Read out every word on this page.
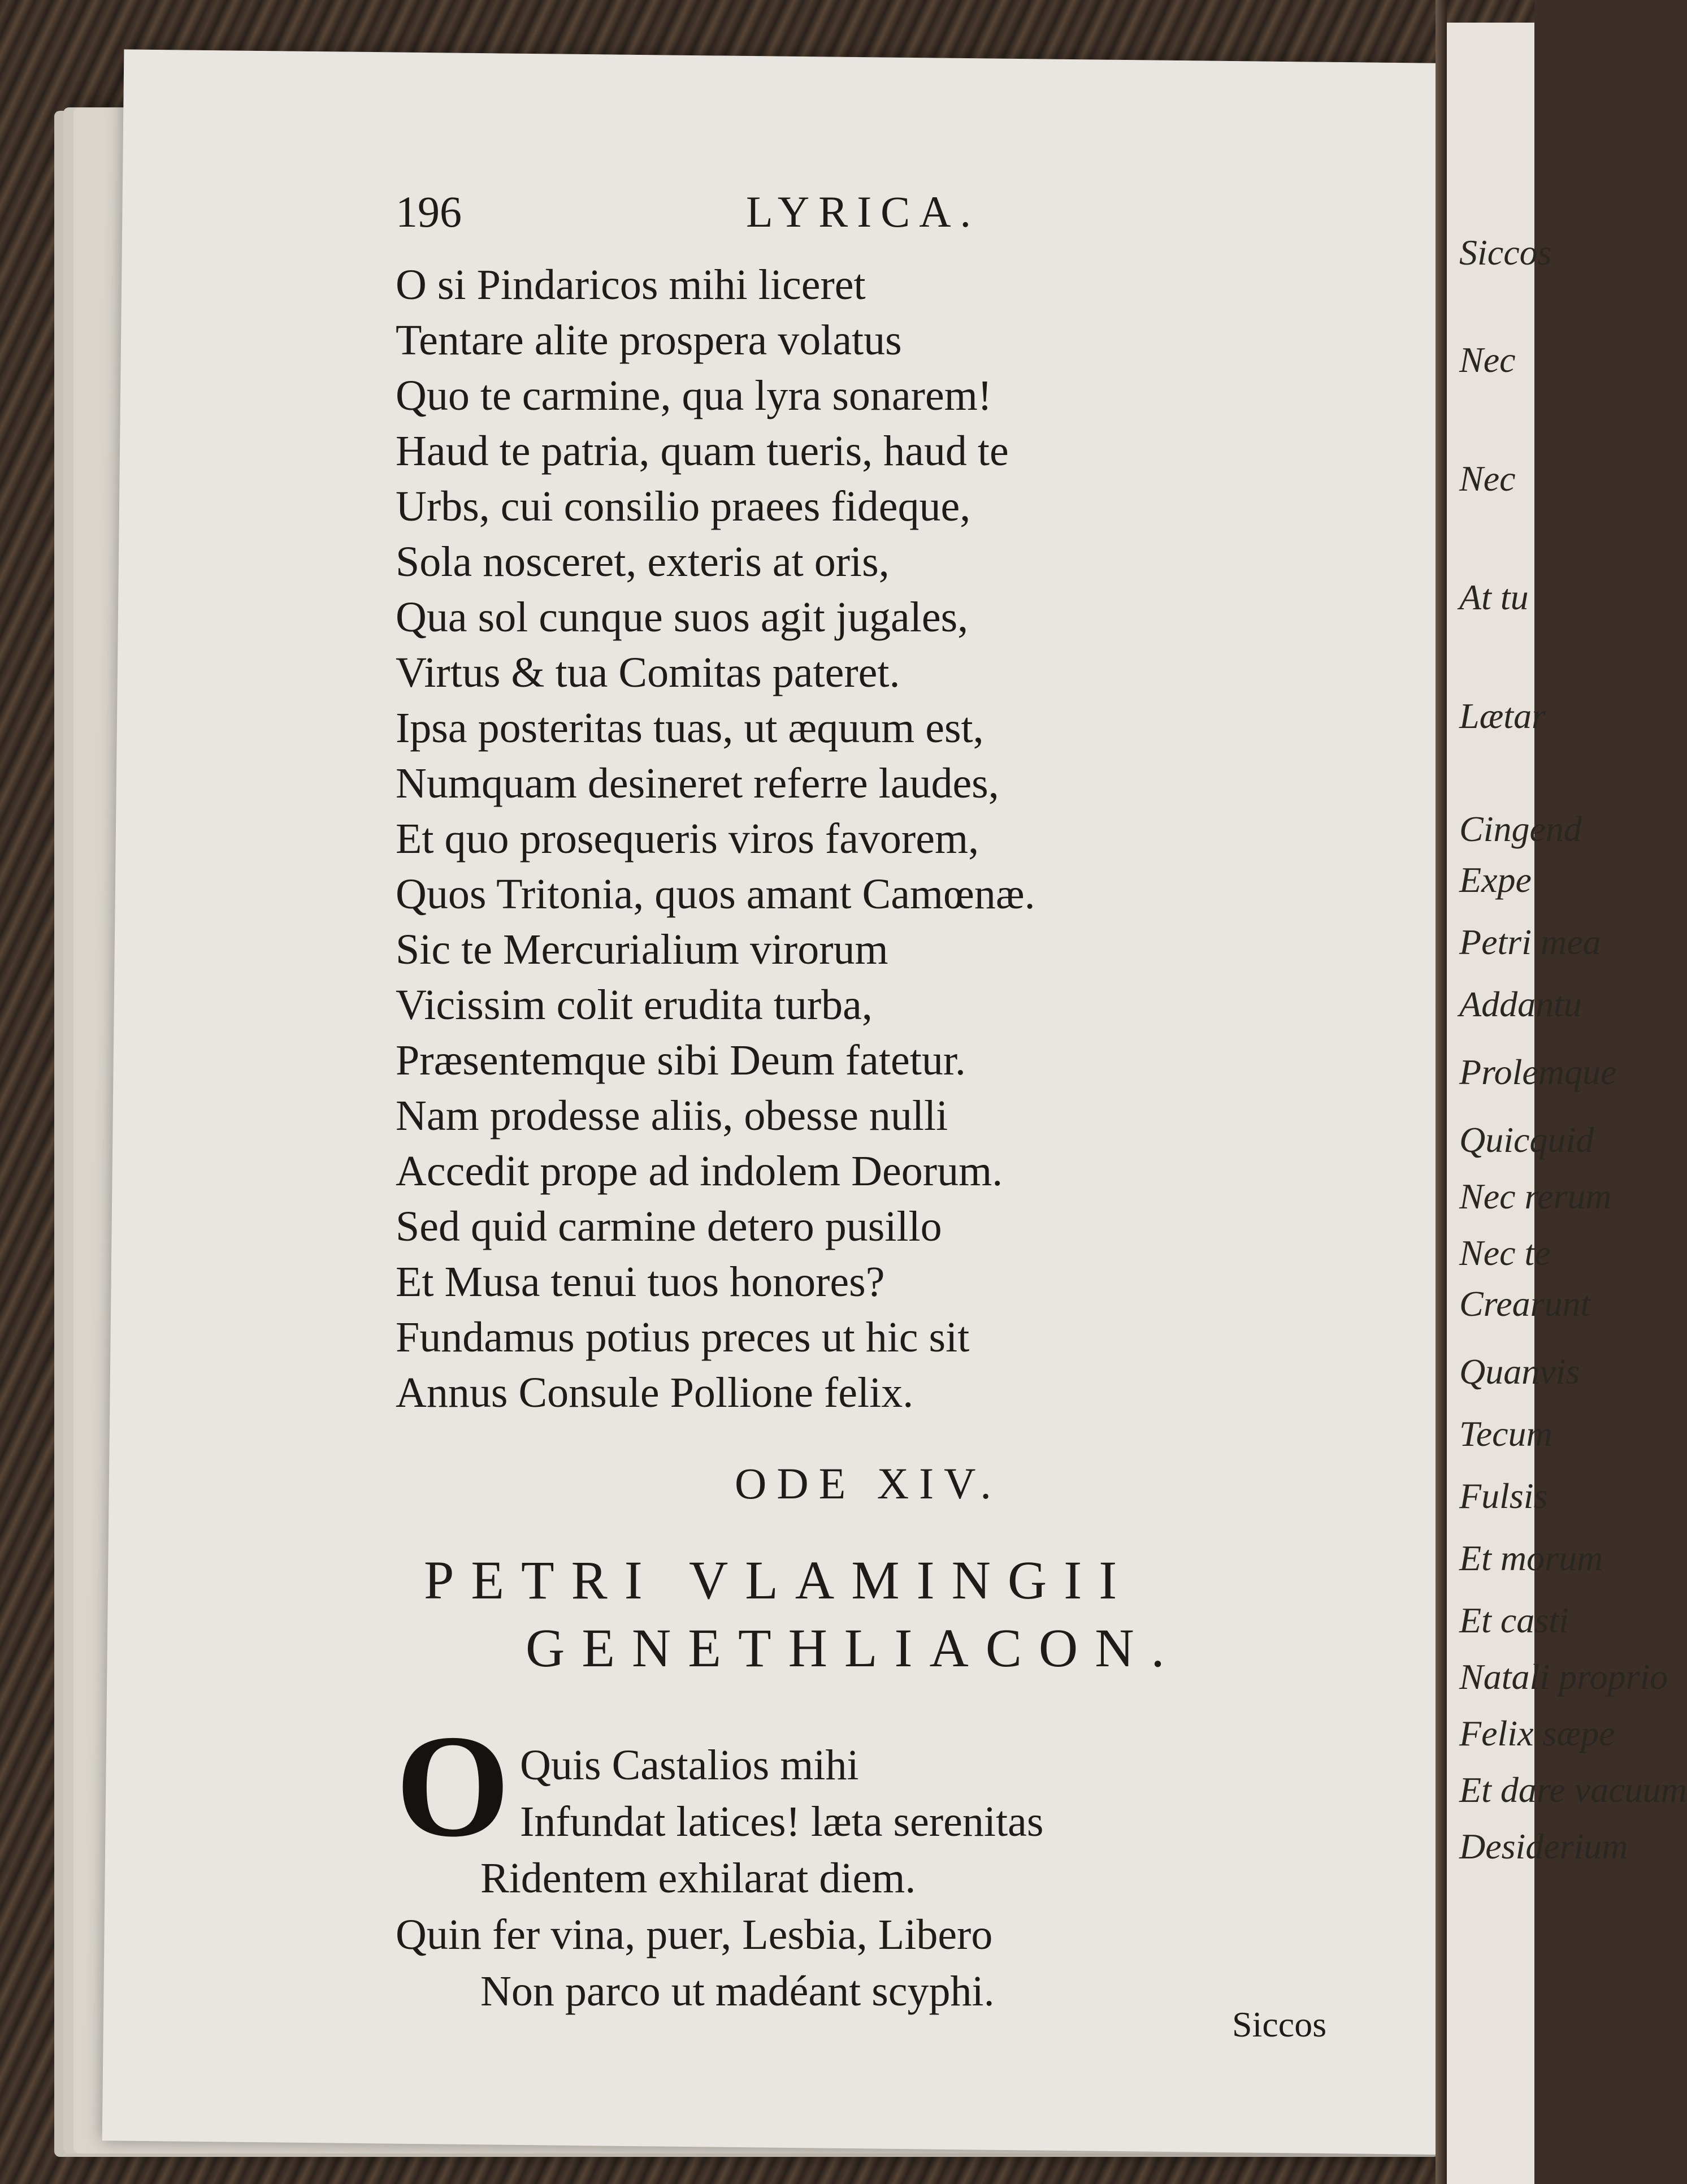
196	LYRICA.
O si Pindaricos mihi liceret
Tentare alite prospera volatus
Quo te carmine, qua lyra sonarem!
Haud te patria, quam tueris, haud te
Urbs, cui consilio praees fideque,
Sola nosceret, exteris at oris,
Qua sol cunque suos agit jugales,
Virtus & tua Comitas pateret.
Ipsa posteritas tuas, ut æquum est,
Numquam desineret referre laudes,
Et quo prosequeris viros favorem,
Quos Tritonia, quos amant Camœnæ.
Sic te Mercurialium virorum
Vicissim colit erudita turba,
Præsentemque sibi Deum fatetur.
Nam prodesse aliis, obesse nulli
Accedit prope ad indolem Deorum.
Sed quid carmine detero pusillo
Et Musa tenui tuos honores?
Fundamus potius preces ut hic sit
Annus Consule Pollione felix.
ODE XIV.
PETRI VLAMINGII
GENETHLIACON.
O Quis Castalios mihi
Infundat latices! læta serenitas
Ridentem exhilarat diem.
Quin fer vina, puer, Lesbia, Libero
Non parco ut madéant scyphi.
Siccos
Siccos
Nec
Nec
At tu
Lætar
Cingend
Expe
Petri mea
Addantu
Prolemque
Quicquid
Nec rerum
Nec te
Crearunt
Quanvis
Tecum
Fulsis
Et morum
Et casti
Natali proprio
Felix sæpe
Et dare vacuum
Desiderium
